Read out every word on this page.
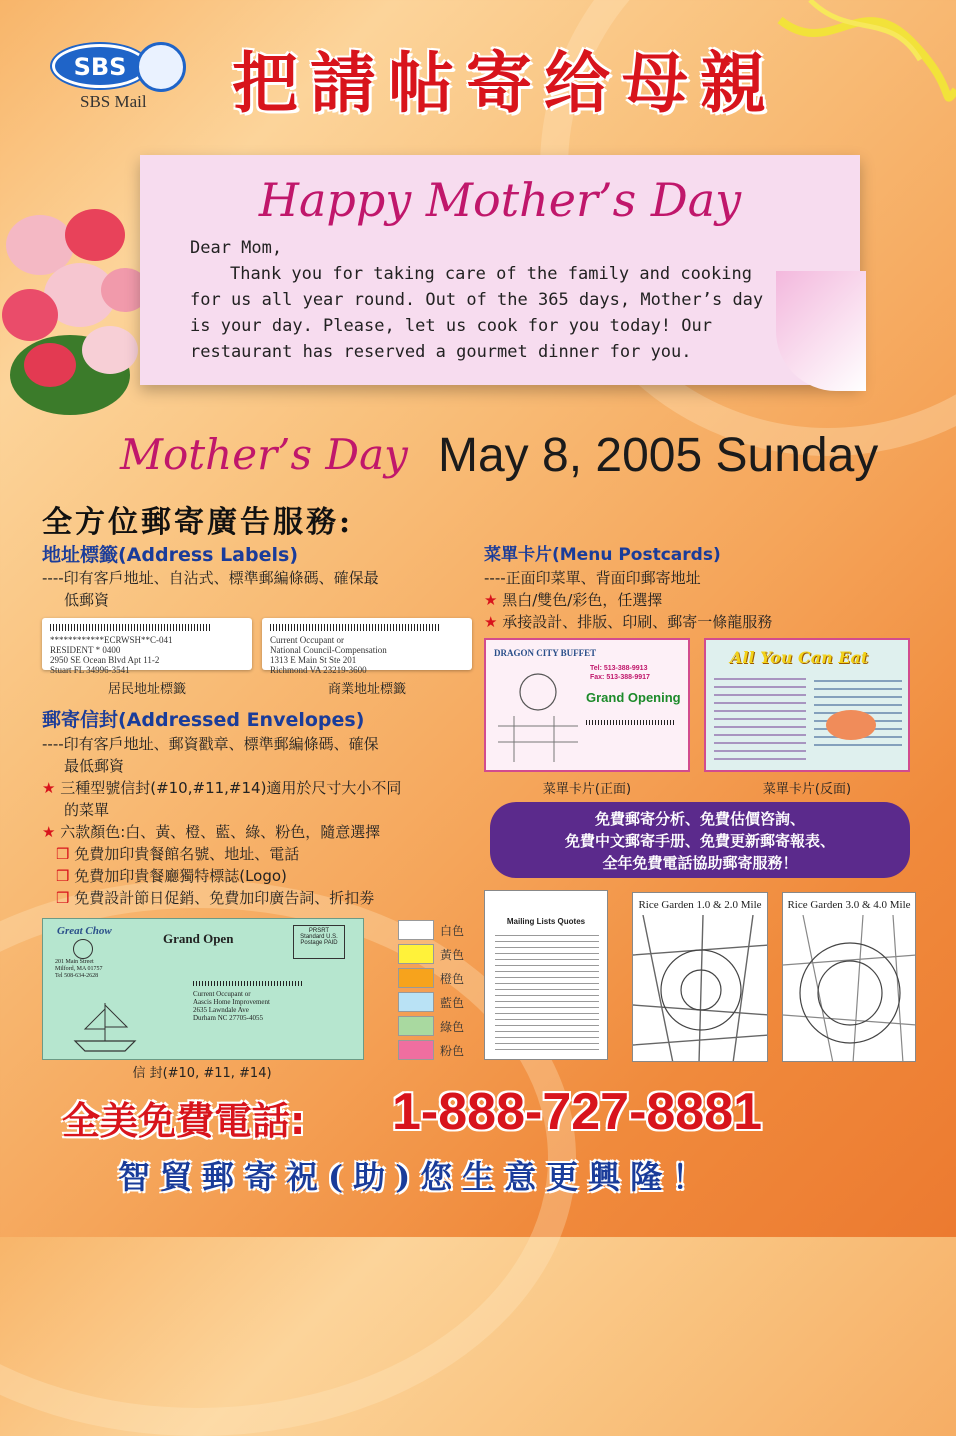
SBS
SBS Mail 把請帖寄给母親
Happy Mother’s Day
Dear Mom,
Thank you for taking care of the family and cooking for us all year round. Out of the 365 days, Mother’s day is your day. Please, let us cook for you today! Our restaurant has reserved a gourmet dinner for you.
Mother’s Day May 8, 2005 Sunday
全方位郵寄廣告服務:
地址標籤(Address Labels)
----印有客戶地址、自沾式、標準郵編條碼、確保最
低郵資
************ECRWSH**C-041
RESIDENT * 0400
2950 SE Ocean Blvd Apt 11-2
Stuart FL 34996-3541
居民地址標籤
Current Occupant or
National Council-Compensation
1313 E Main St Ste 201
Richmond VA 23219-3600
商業地址標籤
郵寄信封(Addressed Envelopes)
----印有客戶地址、郵資戳章、標準郵編條碼、確保
最低郵資
★ 三種型號信封(#10,#11,#14)適用於尺寸大小不同
的菜單
★ 六款顏色:白、黃、橙、藍、綠、粉色，隨意選擇
❒ 免費加印貴餐館名號、地址、電話
❒ 免費加印貴餐廳獨特標誌(Logo)
❒ 免費設計節日促銷、免費加印廣告詞、折扣劵
Great Chow
201 Main Street
Milford, MA 01757
Tel 508-634-2628
Grand Open	PRSRT Standard U.S. Postage PAID
Current Occupant or
Aascis Home Improvement
2635 Lawndale Ave
Durham NC 27705-4055
信 封(#10, #11, #14)
白色
黃色
橙色
藍色
綠色
粉色
菜單卡片(Menu Postcards)
----正面印菜單、背面印郵寄地址
★ 黑白/雙色/彩色，任選擇
★ 承接設計、排版、印刷、郵寄一條龍服務
DRAGON CITY BUFFET
Tel: 513-388-9913
Fax: 513-388-9917
Grand Opening
菜單卡片(正面)
All You Can Eat
菜單卡片(反面)
免費郵寄分析、免費估價咨詢、
免費中文郵寄手册、免費更新郵寄報表、
全年免費電話協助郵寄服務！
Mailing Lists Quotes
Rice Garden 1.0 & 2.0 Mile	Rice Garden 3.0 & 4.0 Mile
全美免費電話: 1-888-727-8881
智貿郵寄祝(助)您生意更興隆！
